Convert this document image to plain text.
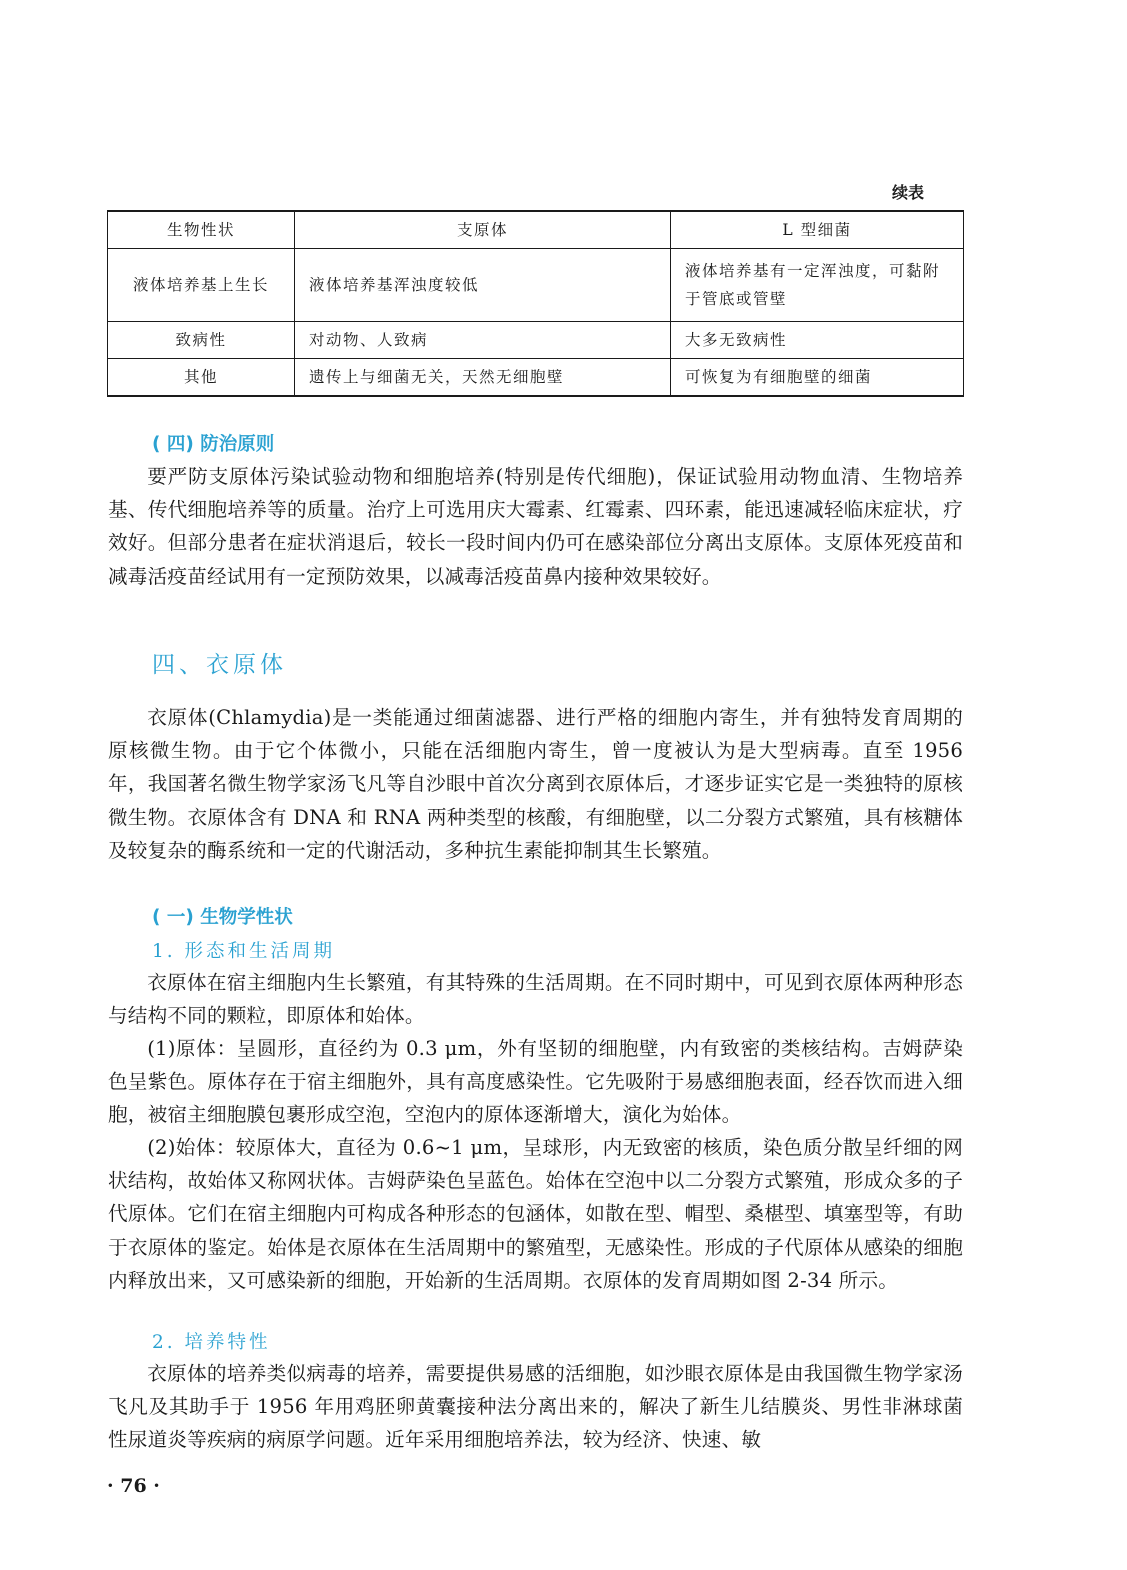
续表
生物性状	支原体	L 型细菌
液体培养基上生长	液体培养基浑浊度较低	液体培养基有一定浑浊度，可黏附于管底或管壁
致病性	对动物、人致病	大多无致病性
其他	遗传上与细菌无关，天然无细胞壁	可恢复为有细胞壁的细菌
( 四) 防治原则
要严防支原体污染试验动物和细胞培养(特别是传代细胞)，保证试验用动物血清、生物培养基、传代细胞培养等的质量。治疗上可选用庆大霉素、红霉素、四环素，能迅速减轻临床症状，疗效好。但部分患者在症状消退后，较长一段时间内仍可在感染部位分离出支原体。支原体死疫苗和减毒活疫苗经试用有一定预防效果，以减毒活疫苗鼻内接种效果较好。
四、衣原体
衣原体(Chlamydia)是一类能通过细菌滤器、进行严格的细胞内寄生，并有独特发育周期的原核微生物。由于它个体微小，只能在活细胞内寄生，曾一度被认为是大型病毒。直至 1956 年，我国著名微生物学家汤飞凡等自沙眼中首次分离到衣原体后，才逐步证实它是一类独特的原核微生物。衣原体含有 DNA 和 RNA 两种类型的核酸，有细胞壁，以二分裂方式繁殖，具有核糖体及较复杂的酶系统和一定的代谢活动，多种抗生素能抑制其生长繁殖。
( 一) 生物学性状
1. 形态和生活周期
衣原体在宿主细胞内生长繁殖，有其特殊的生活周期。在不同时期中，可见到衣原体两种形态与结构不同的颗粒，即原体和始体。
(1)原体：呈圆形，直径约为 0.3 μm，外有坚韧的细胞壁，内有致密的类核结构。吉姆萨染色呈紫色。原体存在于宿主细胞外，具有高度感染性。它先吸附于易感细胞表面，经吞饮而进入细胞，被宿主细胞膜包裹形成空泡，空泡内的原体逐渐增大，演化为始体。
(2)始体：较原体大，直径为 0.6~1 μm，呈球形，内无致密的核质，染色质分散呈纤细的网状结构，故始体又称网状体。吉姆萨染色呈蓝色。始体在空泡中以二分裂方式繁殖，形成众多的子代原体。它们在宿主细胞内可构成各种形态的包涵体，如散在型、帽型、桑椹型、填塞型等，有助于衣原体的鉴定。始体是衣原体在生活周期中的繁殖型，无感染性。形成的子代原体从感染的细胞内释放出来，又可感染新的细胞，开始新的生活周期。衣原体的发育周期如图 2-34 所示。
2. 培养特性
衣原体的培养类似病毒的培养，需要提供易感的活细胞，如沙眼衣原体是由我国微生物学家汤飞凡及其助手于 1956 年用鸡胚卵黄囊接种法分离出来的，解决了新生儿结膜炎、男性非淋球菌性尿道炎等疾病的病原学问题。近年采用细胞培养法，较为经济、快速、敏
· 76 ·
